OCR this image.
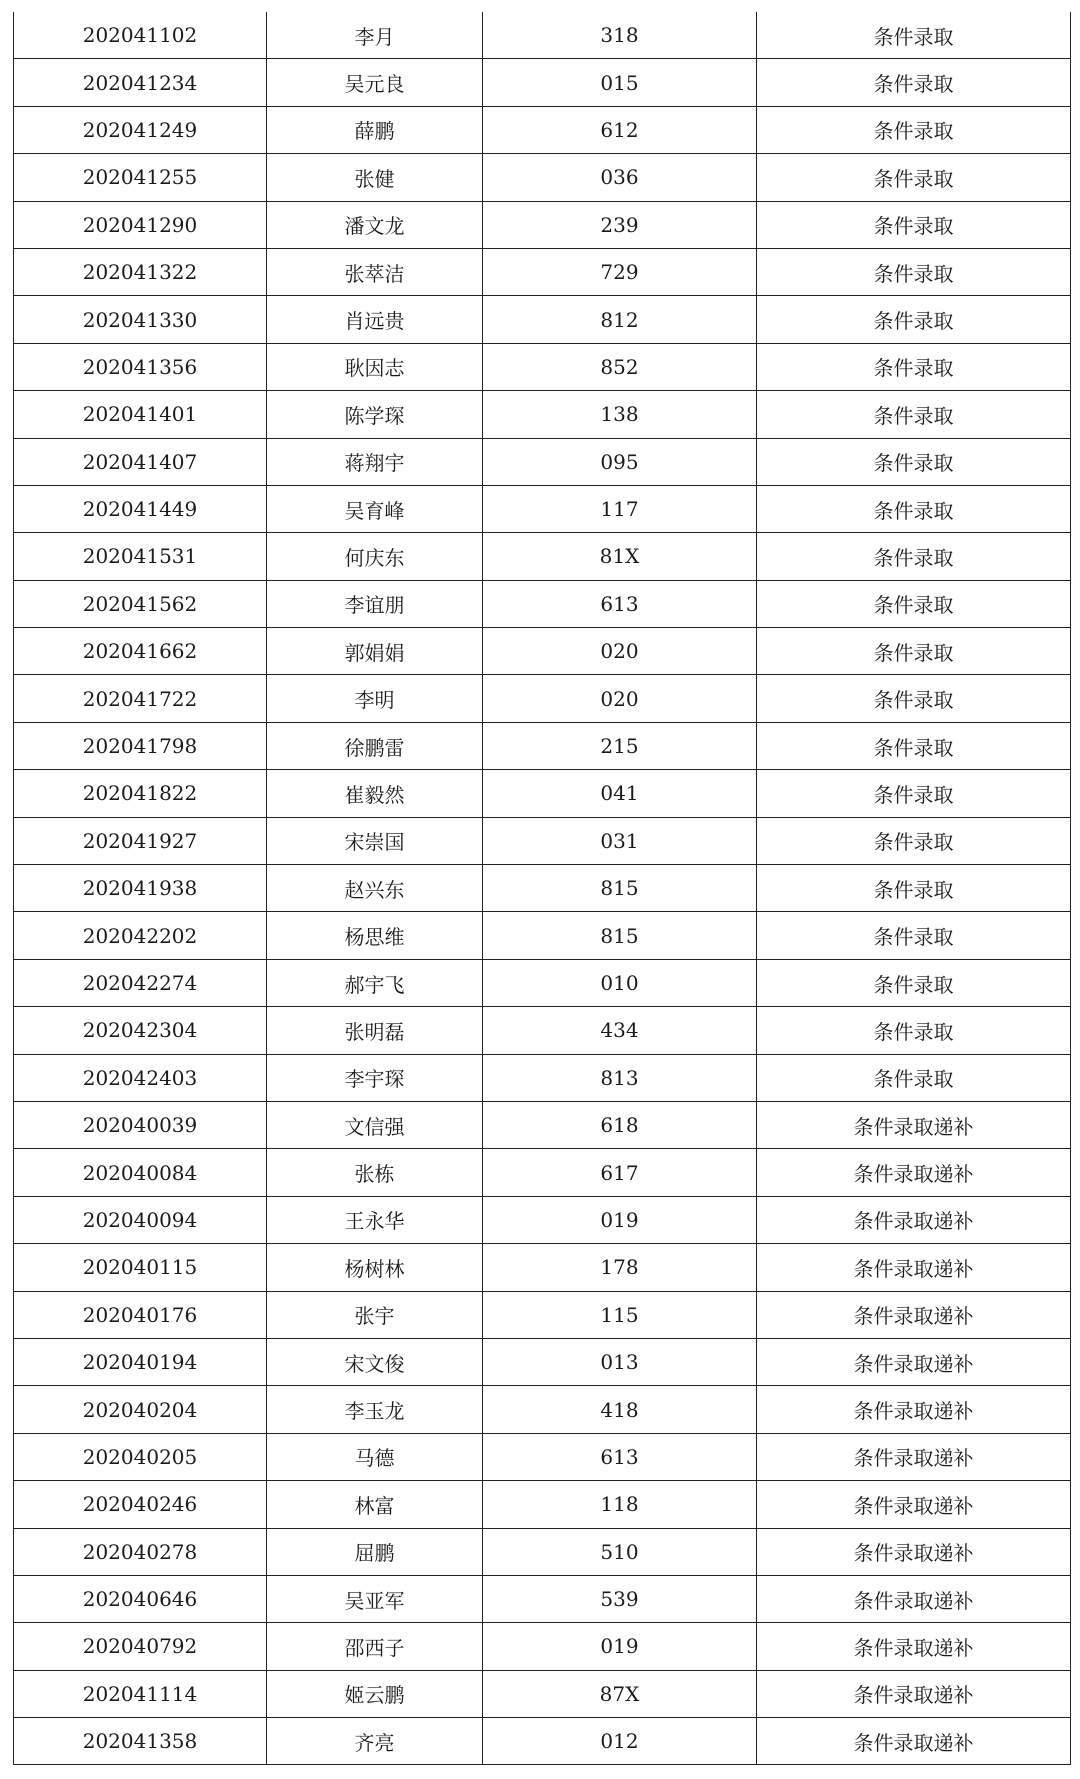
202041102	李月	318	条件录取
202041234	吴元良	015	条件录取
202041249	薛鹏	612	条件录取
202041255	张健	036	条件录取
202041290	潘文龙	239	条件录取
202041322	张萃洁	729	条件录取
202041330	肖远贵	812	条件录取
202041356	耿因志	852	条件录取
202041401	陈学琛	138	条件录取
202041407	蒋翔宇	095	条件录取
202041449	吴育峰	117	条件录取
202041531	何庆东	81X	条件录取
202041562	李谊朋	613	条件录取
202041662	郭娟娟	020	条件录取
202041722	李明	020	条件录取
202041798	徐鹏雷	215	条件录取
202041822	崔毅然	041	条件录取
202041927	宋崇国	031	条件录取
202041938	赵兴东	815	条件录取
202042202	杨思维	815	条件录取
202042274	郝宇飞	010	条件录取
202042304	张明磊	434	条件录取
202042403	李宇琛	813	条件录取
202040039	文信强	618	条件录取递补
202040084	张栋	617	条件录取递补
202040094	王永华	019	条件录取递补
202040115	杨树林	178	条件录取递补
202040176	张宇	115	条件录取递补
202040194	宋文俊	013	条件录取递补
202040204	李玉龙	418	条件录取递补
202040205	马德	613	条件录取递补
202040246	林富	118	条件录取递补
202040278	屈鹏	510	条件录取递补
202040646	吴亚军	539	条件录取递补
202040792	邵西子	019	条件录取递补
202041114	姬云鹏	87X	条件录取递补
202041358	齐亮	012	条件录取递补
